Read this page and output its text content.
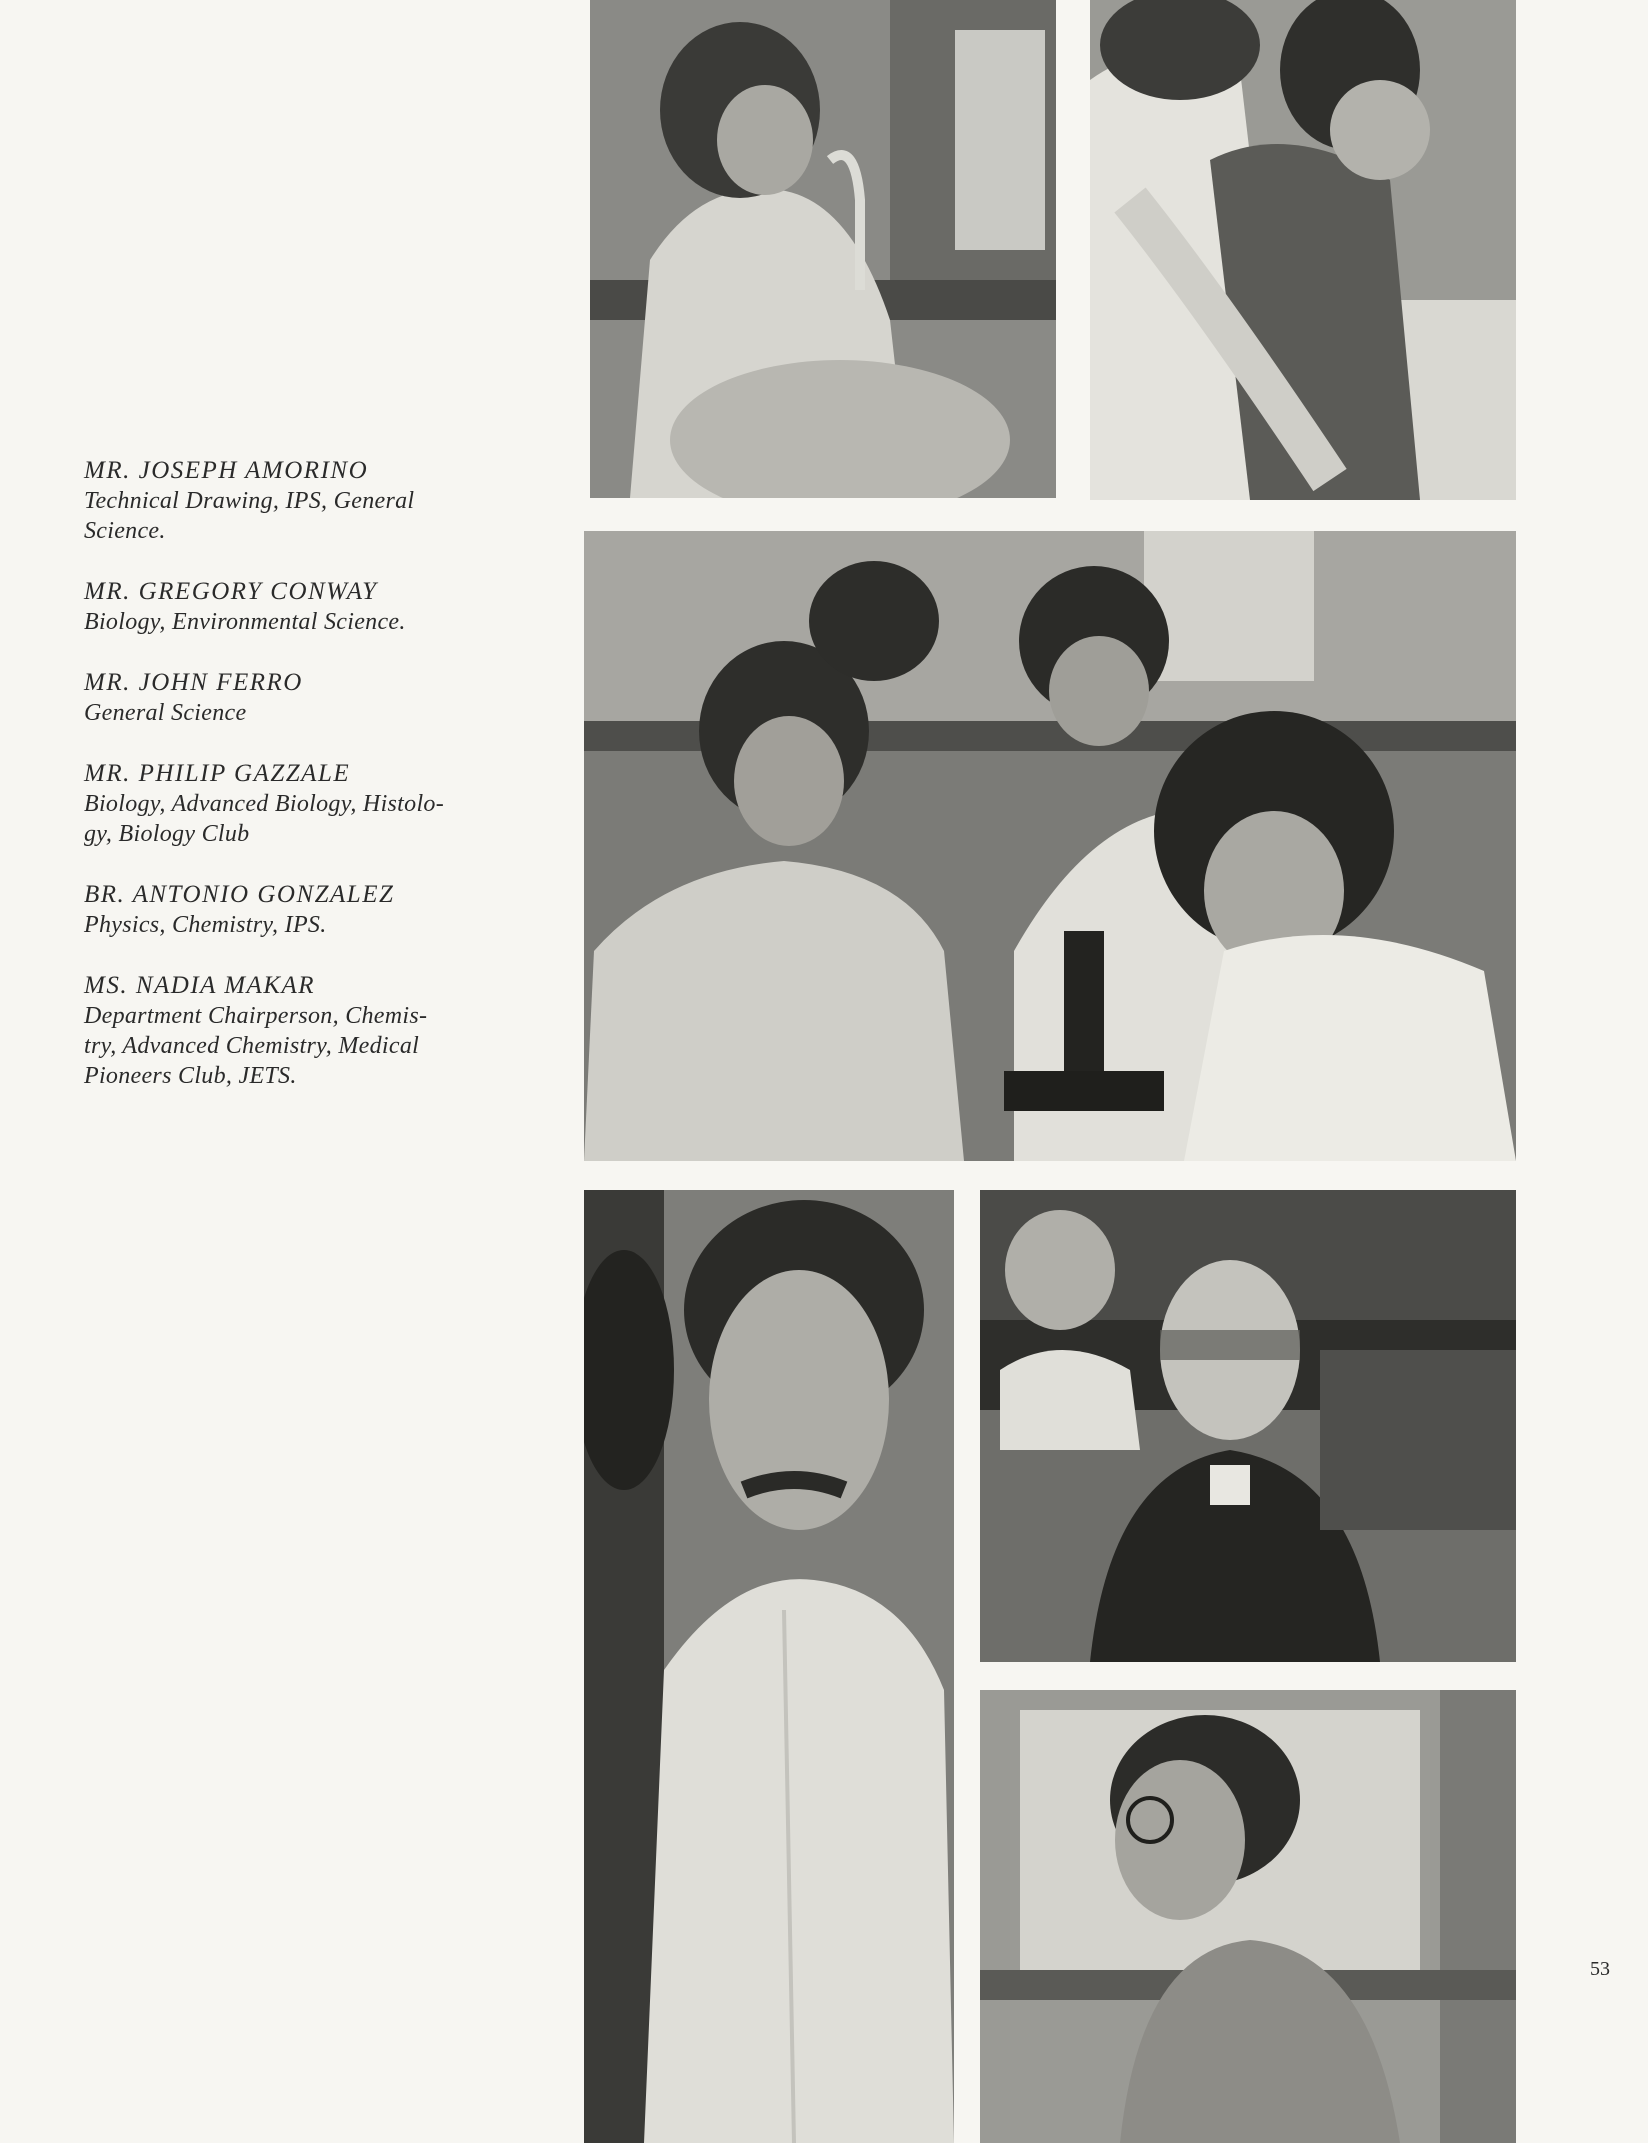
MR. JOSEPH AMORINO
Technical Drawing, IPS, General
Science.
MR. GREGORY CONWAY
Biology, Environmental Science.
MR. JOHN FERRO
General Science
MR. PHILIP GAZZALE
Biology, Advanced Biology, Histolo-
gy, Biology Club
BR. ANTONIO GONZALEZ
Physics, Chemistry, IPS.
MS. NADIA MAKAR
Department Chairperson, Chemis-
try, Advanced Chemistry, Medical
Pioneers Club, JETS.
53
